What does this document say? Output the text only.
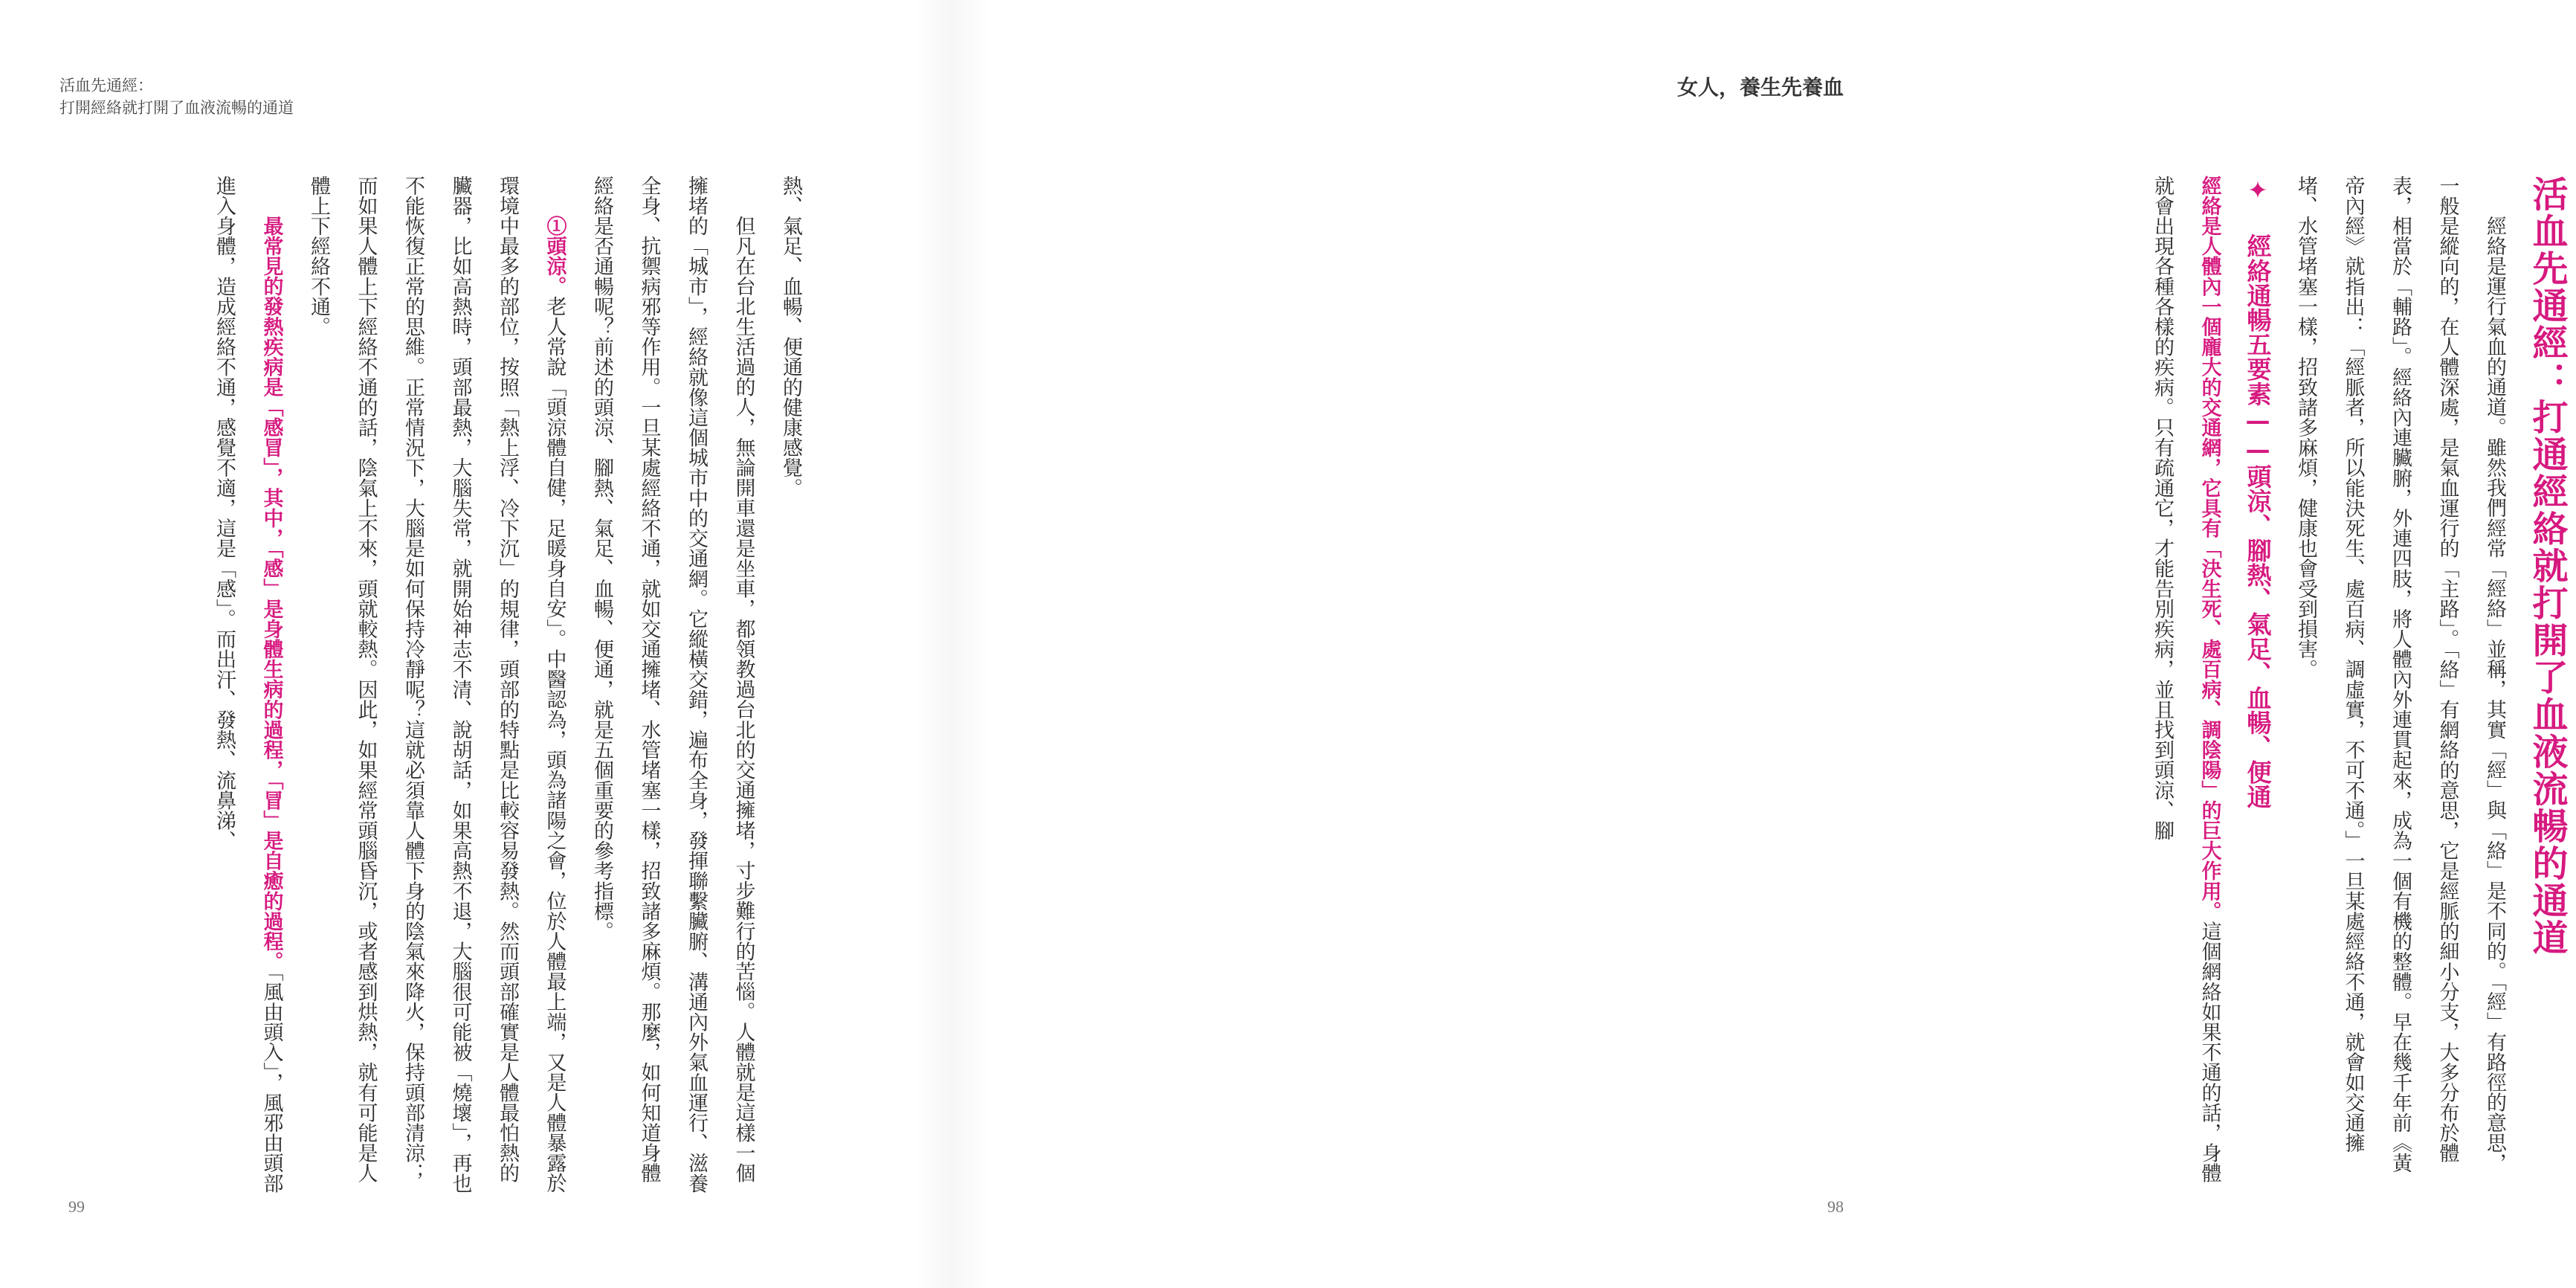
活血先通經：
打開經絡就打開了血液流暢的通道

熱、氣足、血暢、便通的健康感覺。

但凡在台北生活過的人，無論開車還是坐車，都領教過台北的交通擁堵，寸步難行的苦惱。人體就是這樣一個擁堵的「城市」，經絡就像這個城市中的交通網。它縱橫交錯，遍布全身，發揮聯繫臟腑、溝通內外氣血運行、滋養全身、抗禦病邪等作用。一旦某處經絡不通，就如交通擁堵、水管堵塞一樣，招致諸多麻煩。那麼，如何知道身體經絡是否通暢呢？前述的頭涼、腳熱、氣足、血暢、便通，就是五個重要的參考指標。

①頭涼。老人常說「頭涼體自健，足暖身自安」。中醫認為，頭為諸陽之會，位於人體最上端，又是人體暴露於環境中最多的部位，按照「熱上浮、冷下沉」的規律，頭部的特點是比較容易發熱。然而頭部確實是人體最怕熱的臟器，比如高熱時，頭部最熱，大腦失常，就開始神志不清、說胡話，如果高熱不退，大腦很可能被「燒壞」，再也不能恢復正常的思維。正常情況下，大腦是如何保持冷靜呢？這就必須靠人體下身的陰氣來降火，保持頭部清涼；而如果人體上下經絡不通的話，陰氣上不來，頭就較熱。因此，如果經常頭腦昏沉，或者感到烘熱，就有可能是人體上下經絡不通。

最常見的發熱疾病是「感冒」，其中，「感」是身體生病的過程，「冒」是自癒的過程。「風由頭入」，風邪由頭部進入身體，造成經絡不通，感覺不適，這是「感」。而出汗、發熱、流鼻涕、

99
女人，養生先養血

活血先通經：打通經絡就打開了血液流暢的通道

經絡是運行氣血的通道。雖然我們經常「經絡」並稱，其實「經」與「絡」是不同的。「經」有路徑的意思，一般是縱向的，在人體深處，是氣血運行的「主路」。「絡」有網絡的意思，它是經脈的細小分支，大多分布於體表，相當於「輔路」。經絡內連臟腑，外連四肢，將人體內外連貫起來，成為一個有機的整體。早在幾千年前《黃帝內經》就指出：「經脈者，所以能決死生、處百病、調虛實，不可不通。」一旦某處經絡不通，就會如交通擁堵、水管堵塞一樣，招致諸多麻煩，健康也會受到損害。

✦ 經絡通暢五要素——頭涼、腳熱、氣足、血暢、便通

經絡是人體內一個龐大的交通網，它具有「決生死、處百病、調陰陽」的巨大作用。這個網絡如果不通的話，身體就會出現各種各樣的疾病。只有疏通它，才能告別疾病，並且找到頭涼、腳

98
